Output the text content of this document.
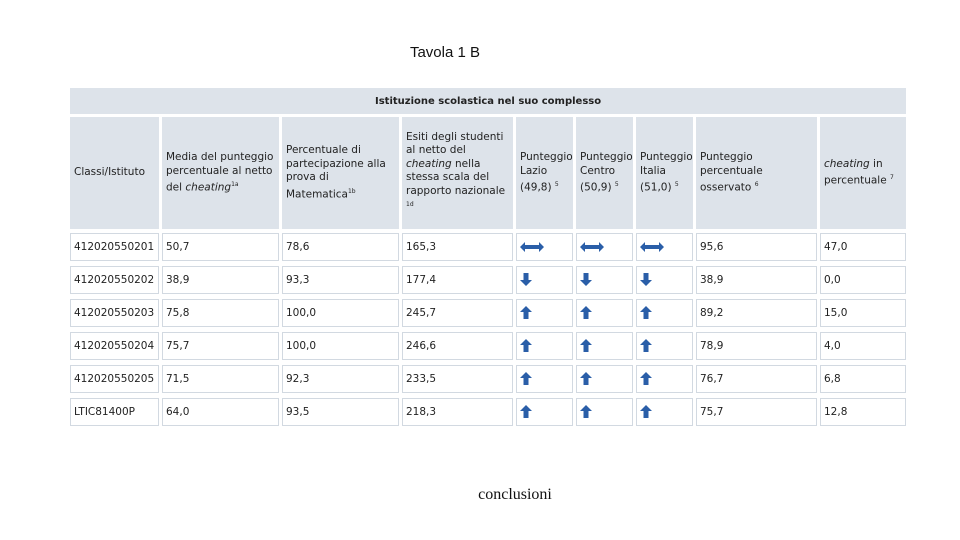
Tavola 1 B
Istituzione scolastica nel suo complesso								
Classi/Istituto	Media del punteggio percentuale al netto del cheating$^{1a}$	Percentuale di partecipazione alla prova di Matematica$^{1b}$	Esiti degli studenti al netto del cheating nella stessa scala del rapporto nazionale $^{1d}$	Punteggio Lazio (49,8) $^5$	Punteggio Centro (50,9) $^5$	Punteggio Italia (51,0) $^5$	Punteggio percentuale osservato $^6$	cheating in percentuale $^7$
412020550201	50,7	78,6	165,3				95,6	47,0
412020550202	38,9	93,3	177,4				38,9	0,0
412020550203	75,8	100,0	245,7				89,2	15,0
412020550204	75,7	100,0	246,6				78,9	4,0
412020550205	71,5	92,3	233,5				76,7	6,8
LTIC81400P	64,0	93,5	218,3				75,7	12,8
conclusioni
